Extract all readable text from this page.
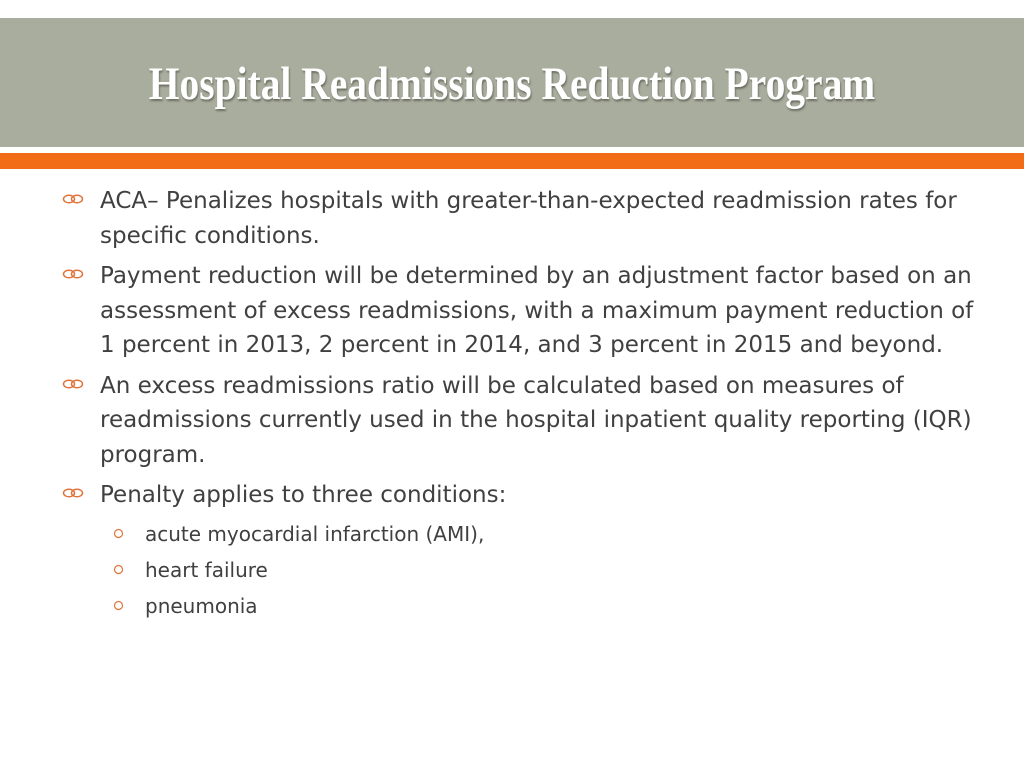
Hospital Readmissions Reduction Program

ACA– Penalizes hospitals with greater-than-expected readmission rates for specific conditions.

Payment reduction will be determined by an adjustment factor based on an assessment of excess readmissions, with a maximum payment reduction of 1 percent in 2013, 2 percent in 2014, and 3 percent in 2015 and beyond.

An excess readmissions ratio will be calculated based on measures of readmissions currently used in the hospital inpatient quality reporting (IQR) program.

Penalty applies to three conditions:

acute myocardial infarction (AMI),
heart failure
pneumonia
